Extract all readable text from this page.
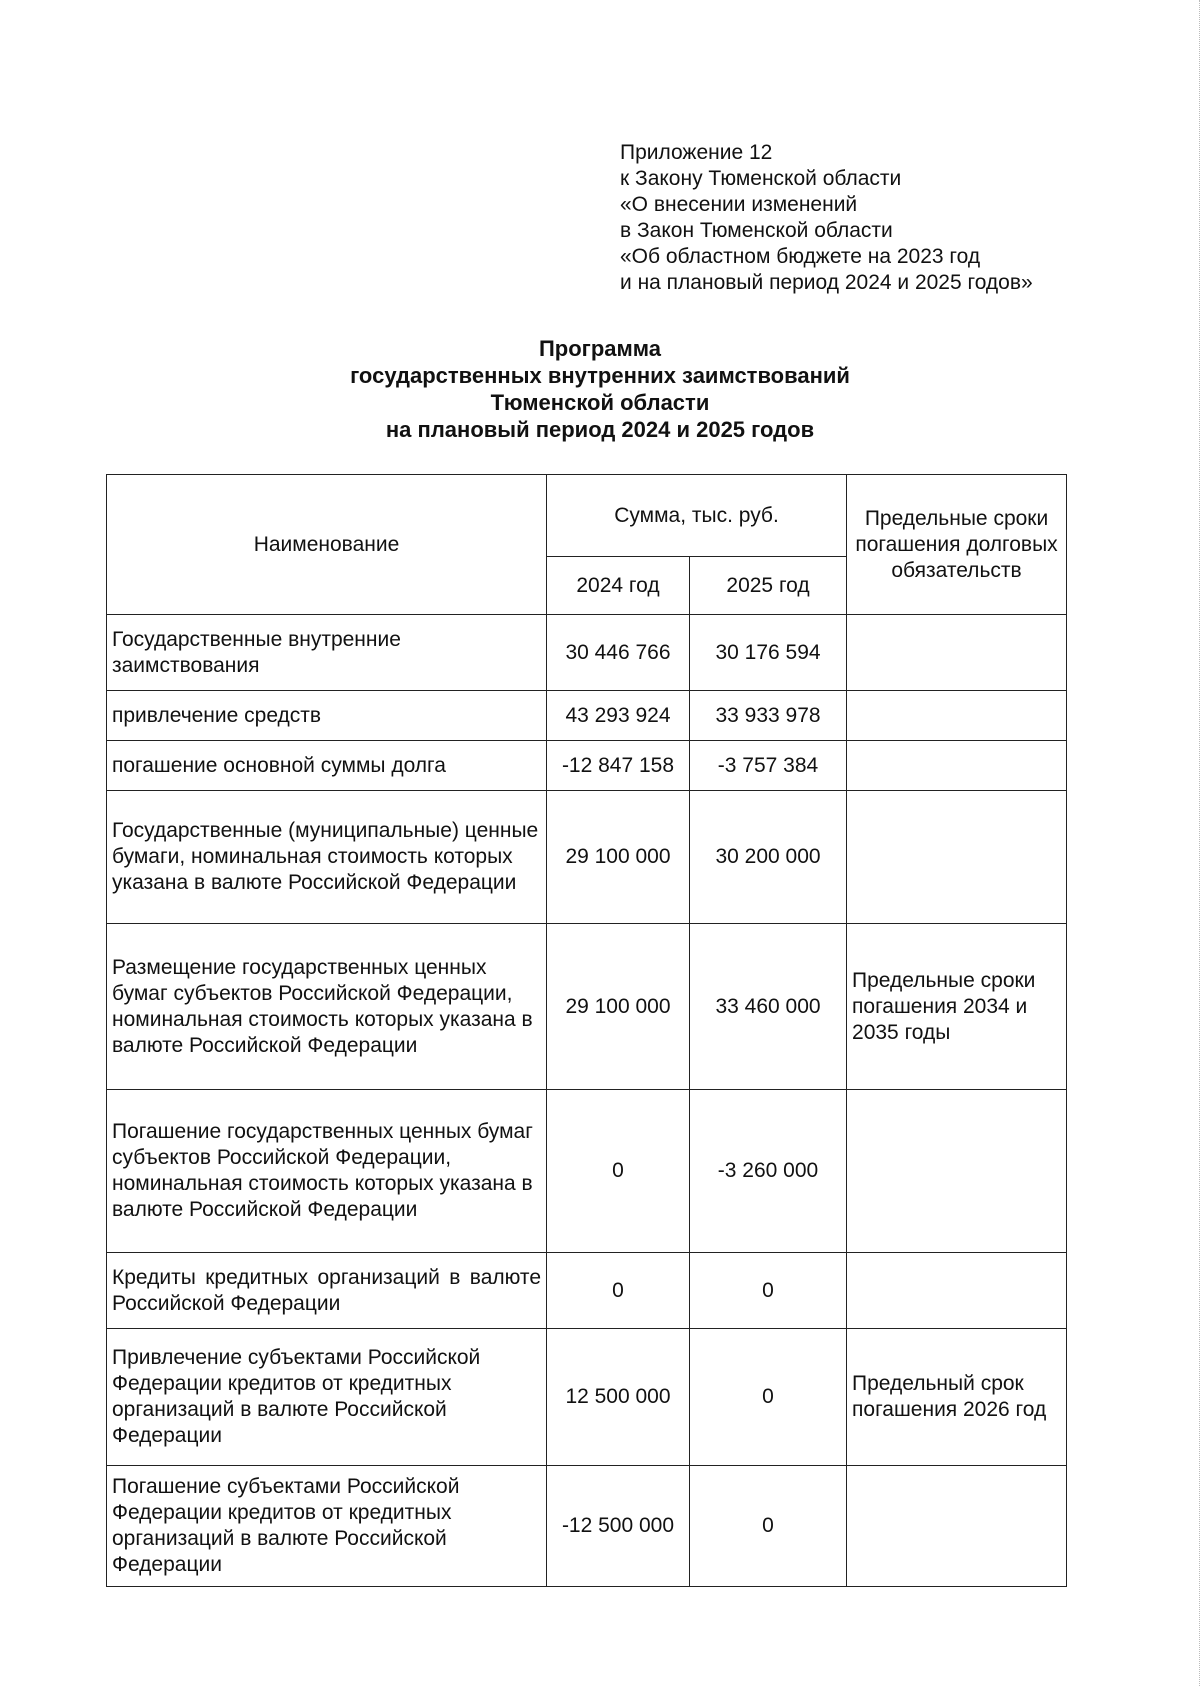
Приложение 12
к Закону Тюменской области
«О внесении изменений
в Закон Тюменской области
«Об областном бюджете на 2023 год
и на плановый период 2024 и 2025 годов»
Программа
государственных внутренних заимствований
Тюменской области
на плановый период 2024 и 2025 годов
Наименование	Сумма, тыс. руб.		Предельные сроки погашения долговых обязательств
	2024 год	2025 год	
Государственные внутренние заимствования	30 446 766	30 176 594	
привлечение средств	43 293 924	33 933 978	
погашение основной суммы долга	-12 847 158	-3 757 384	
Государственные (муниципальные) ценные бумаги, номинальная стоимость которых указана в валюте Российской Федерации	29 100 000	30 200 000	
Размещение государственных ценных бумаг субъектов Российской Федерации, номинальная стоимость которых указана в валюте Российской Федерации	29 100 000	33 460 000	Предельные сроки погашения 2034 и 2035 годы
Погашение государственных ценных бумаг субъектов Российской Федерации, номинальная стоимость которых указана в валюте Российской Федерации	0	-3 260 000	
Кредиты кредитных организаций в валюте Российской Федерации	0	0	
Привлечение субъектами Российской Федерации кредитов от кредитных организаций в валюте Российской Федерации	12 500 000	0	Предельный срок погашения 2026 год
Погашение субъектами Российской Федерации кредитов от кредитных организаций в валюте Российской Федерации	-12 500 000	0	
